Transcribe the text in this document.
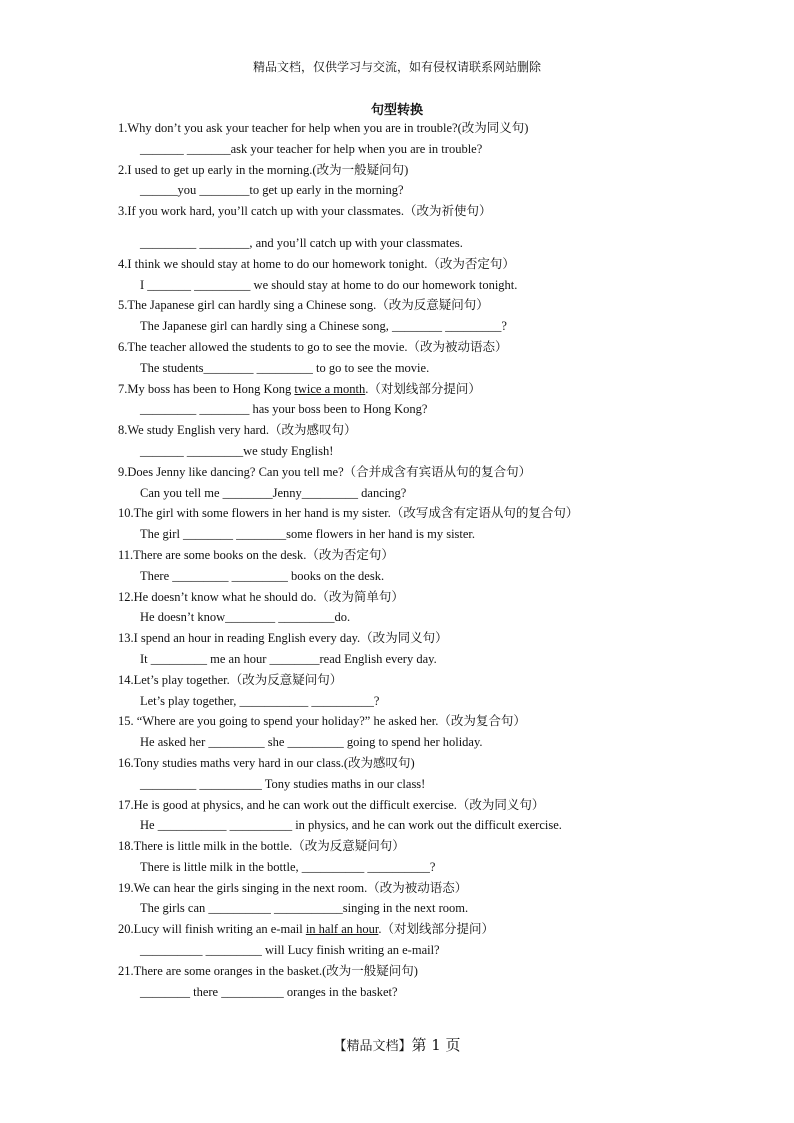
精品文档，仅供学习与交流，如有侵权请联系网站删除
句型转换
1.Why don’t you ask your teacher for help when you are in trouble?(改为同义句)
_______ _______ask your teacher for help when you are in trouble?
2.I used to get up early in the morning.(改为一般疑问句)
______you ________to get up early in the morning?
3.If you work hard, you’ll catch up with your classmates.（改为祈使句）
_________ ________, and you’ll catch up with your classmates.
4.I think we should stay at home to do our homework tonight.（改为否定句）
I _______ _________ we should stay at home to do our homework tonight.
5.The Japanese girl can hardly sing a Chinese song.（改为反意疑问句）
The Japanese girl can hardly sing a Chinese song, ________ _________?
6.The teacher allowed the students to go to see the movie.（改为被动语态）
The students________ _________ to go to see the movie.
7.My boss has been to Hong Kong twice a month.（对划线部分提问）
_________ ________ has your boss been to Hong Kong?
8.We study English very hard.（改为感叹句）
_______ _________we study English!
9.Does Jenny like dancing? Can you tell me?（合并成含有宾语从句的复合句）
Can you tell me ________Jenny_________ dancing?
10.The girl with some flowers in her hand is my sister.（改写成含有定语从句的复合句）
The girl ________ ________some flowers in her hand is my sister.
11.There are some books on the desk.（改为否定句）
There _________ _________ books on the desk.
12.He doesn’t know what he should do.（改为简单句）
He doesn’t know________ _________do.
13.I spend an hour in reading English every day.（改为同义句）
It _________ me an hour ________read English every day.
14.Let’s play together.（改为反意疑问句）
Let’s play together, ___________ __________?
15. “Where are you going to spend your holiday?” he asked her.（改为复合句）
He asked her _________ she _________ going to spend her holiday.
16.Tony studies maths very hard in our class.(改为感叹句)
_________ __________ Tony studies maths in our class!
17.He is good at physics, and he can work out the difficult exercise.（改为同义句）
He ___________ __________ in physics, and he can work out the difficult exercise.
18.There is little milk in the bottle.（改为反意疑问句）
There is little milk in the bottle, __________ __________?
19.We can hear the girls singing in the next room.（改为被动语态）
The girls can __________ ___________singing in the next room.
20.Lucy will finish writing an e-mail in half an hour.（对划线部分提问）
__________ _________ will Lucy finish writing an e-mail?
21.There are some oranges in the basket.(改为一般疑问句)
________ there __________ oranges in the basket?
【精品文档】第 1 页
